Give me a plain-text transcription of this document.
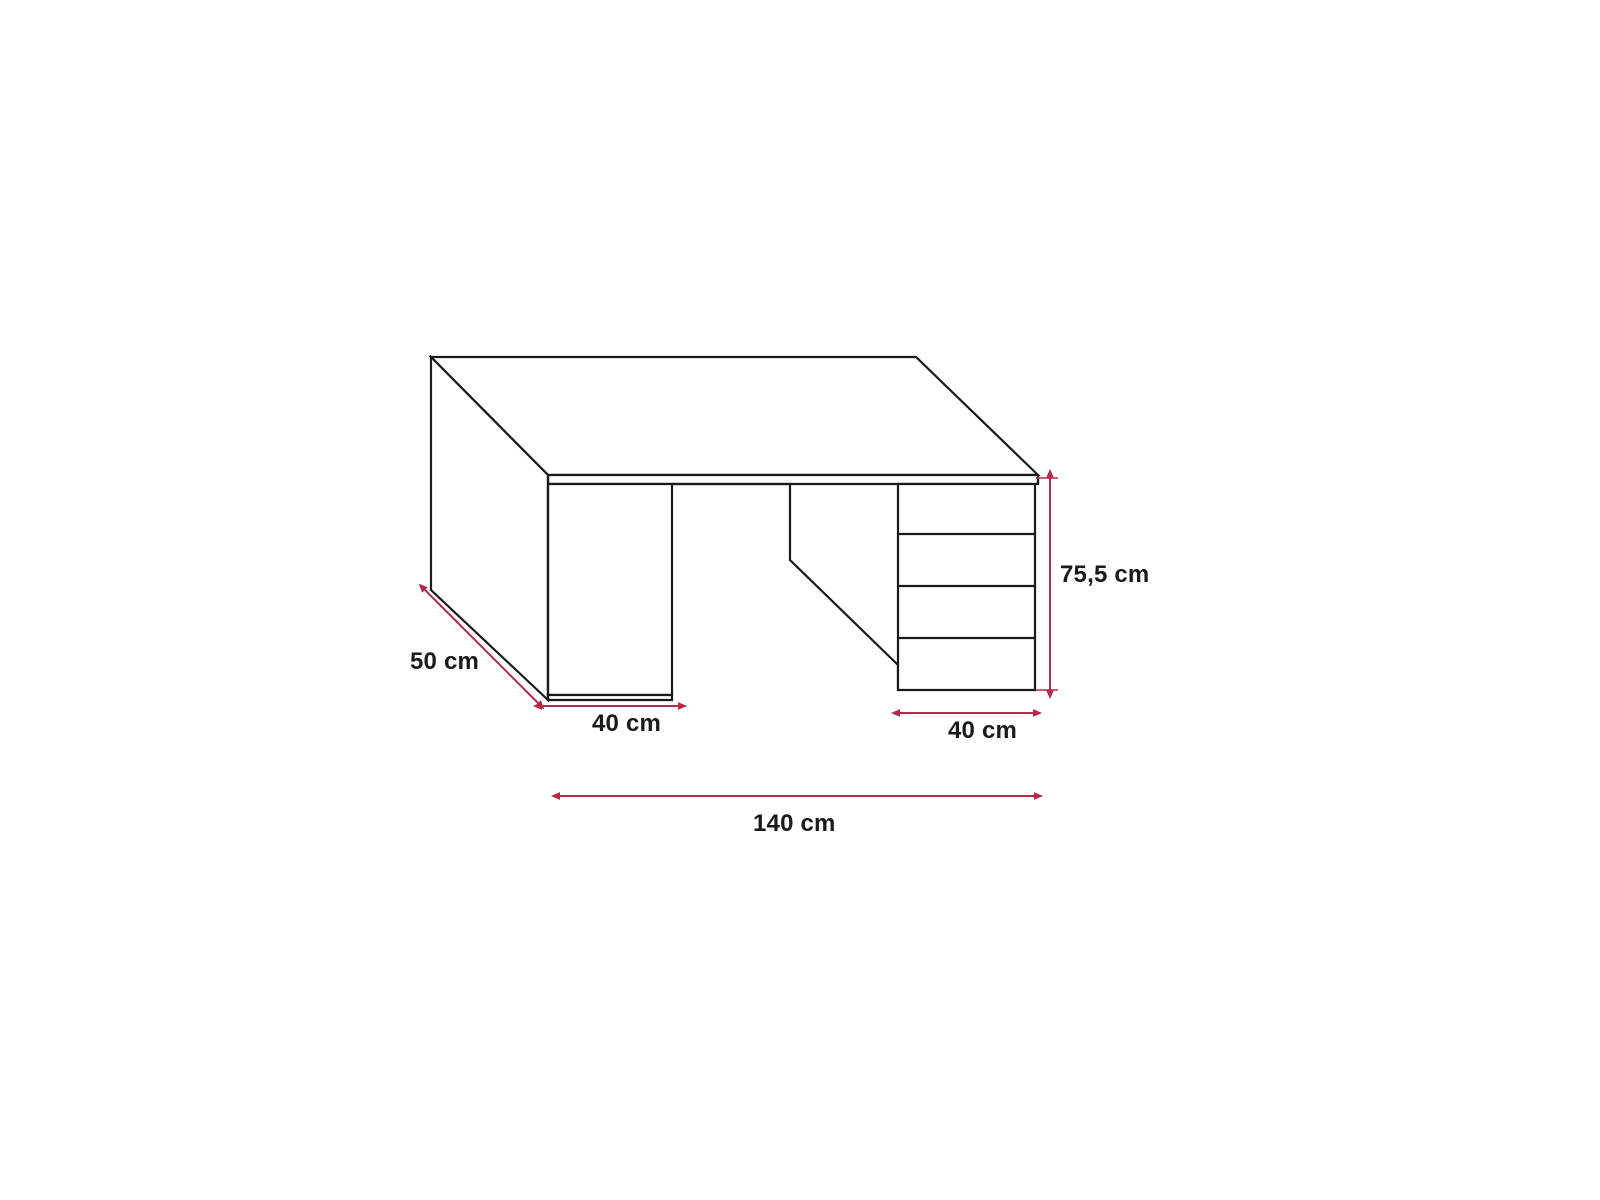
50 cm
40 cm	40 cm
75,5 cm
140 cm
